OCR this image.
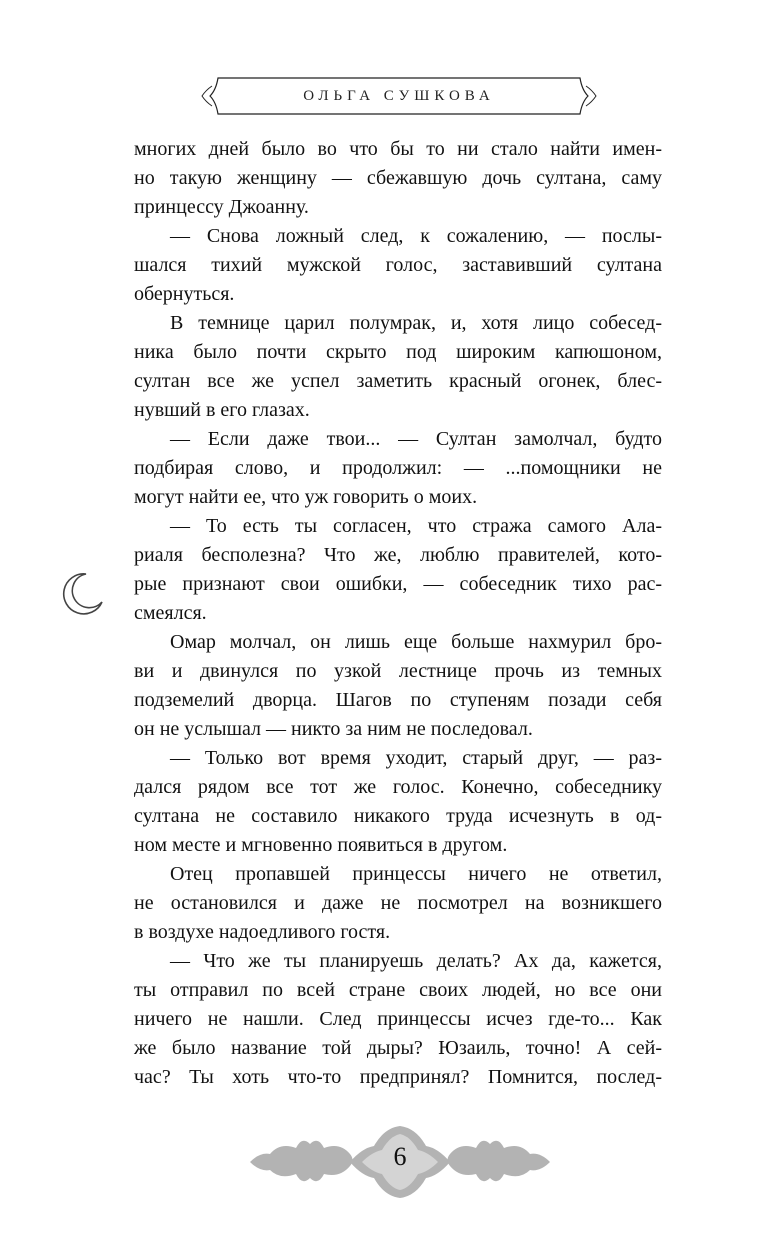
ОЛЬГА СУШКОВА

многих дней было во что бы то ни стало найти имен-

но такую женщину — сбежавшую дочь султана, саму

принцессу Джоанну.

— Снова ложный след, к сожалению, — послы-

шался тихий мужской голос, заставивший султана

обернуться.

В темнице царил полумрак, и, хотя лицо собесед-

ника было почти скрыто под широким капюшоном,

султан все же успел заметить красный огонек, блес-

нувший в его глазах.

— Если даже твои... — Султан замолчал, будто

подбирая слово, и продолжил: — ...помощники не

могут найти ее, что уж говорить о моих.

— То есть ты согласен, что стража самого Ала-

риаля бесполезна? Что же, люблю правителей, кото-

рые признают свои ошибки, — собеседник тихо рас-

смеялся.

Омар молчал, он лишь еще больше нахмурил бро-

ви и двинулся по узкой лестнице прочь из темных

подземелий дворца. Шагов по ступеням позади себя

он не услышал — никто за ним не последовал.

— Только вот время уходит, старый друг, — раз-

дался рядом все тот же голос. Конечно, собеседнику

султана не составило никакого труда исчезнуть в од-

ном месте и мгновенно появиться в другом.

Отец пропавшей принцессы ничего не ответил,

не остановился и даже не посмотрел на возникшего

в воздухе надоедливого гостя.

— Что же ты планируешь делать? Ах да, кажется,

ты отправил по всей стране своих людей, но все они

ничего не нашли. След принцессы исчез где-то... Как

же было название той дыры? Юзаиль, точно! А сей-

час? Ты хоть что-то предпринял? Помнится, послед-

6
